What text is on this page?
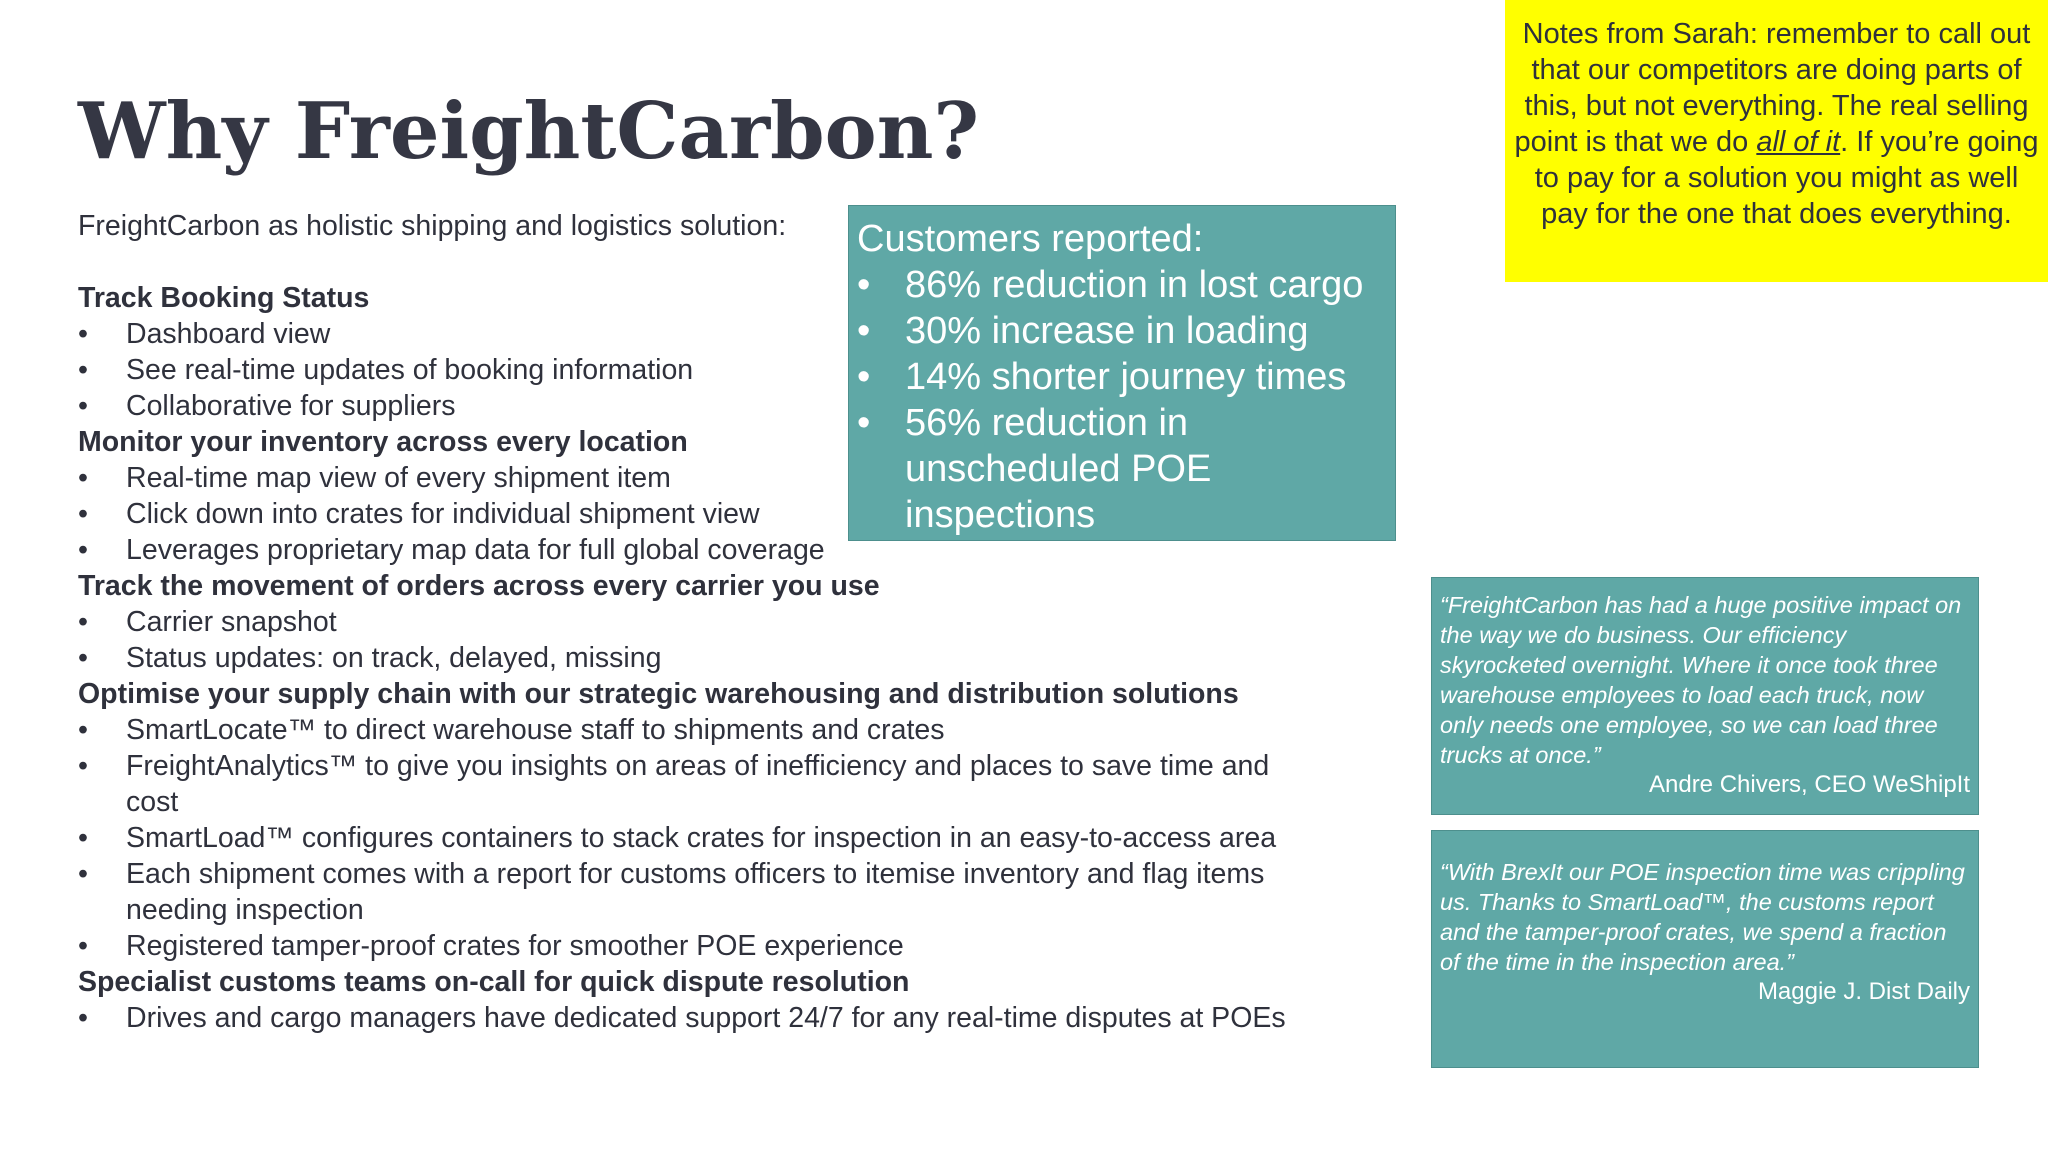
Why FreightCarbon?

FreightCarbon as holistic shipping and logistics solution:

Track Booking Status

• Dashboard view

• See real-time updates of booking information

• Collaborative for suppliers

Monitor your inventory across every location

• Real-time map view of every shipment item

• Click down into crates for individual shipment view

• Leverages proprietary map data for full global coverage

Track the movement of orders across every carrier you use

• Carrier snapshot

• Status updates: on track, delayed, missing

Optimise your supply chain with our strategic warehousing and distribution solutions

• SmartLocate™ to direct warehouse staff to shipments and crates

• FreightAnalytics™ to give you insights on areas of inefficiency and places to save time and cost

• SmartLoad™ configures containers to stack crates for inspection in an easy-to-access area

• Each shipment comes with a report for customs officers to itemise inventory and flag items needing inspection

• Registered tamper-proof crates for smoother POE experience

Specialist customs teams on-call for quick dispute resolution

• Drives and cargo managers have dedicated support 24/7 for any real-time disputes at POEs

Customers reported:

• 86% reduction in lost cargo

• 30% increase in loading

• 14% shorter journey times

• 56% reduction in unscheduled POE inspections

Notes from Sarah: remember to call out that our competitors are doing parts of this, but not everything. The real selling point is that we do all of it. If you’re going to pay for a solution you might as well pay for the one that does everything.

“FreightCarbon has had a huge positive impact on the way we do business. Our efficiency skyrocketed overnight. Where it once took three warehouse employees to load each truck, now only needs one employee, so we can load three trucks at once.”

Andre Chivers, CEO WeShipIt

“With BrexIt our POE inspection time was crippling us. Thanks to SmartLoad™, the customs report and the tamper-proof crates, we spend a fraction of the time in the inspection area.”

Maggie J. Dist Daily
